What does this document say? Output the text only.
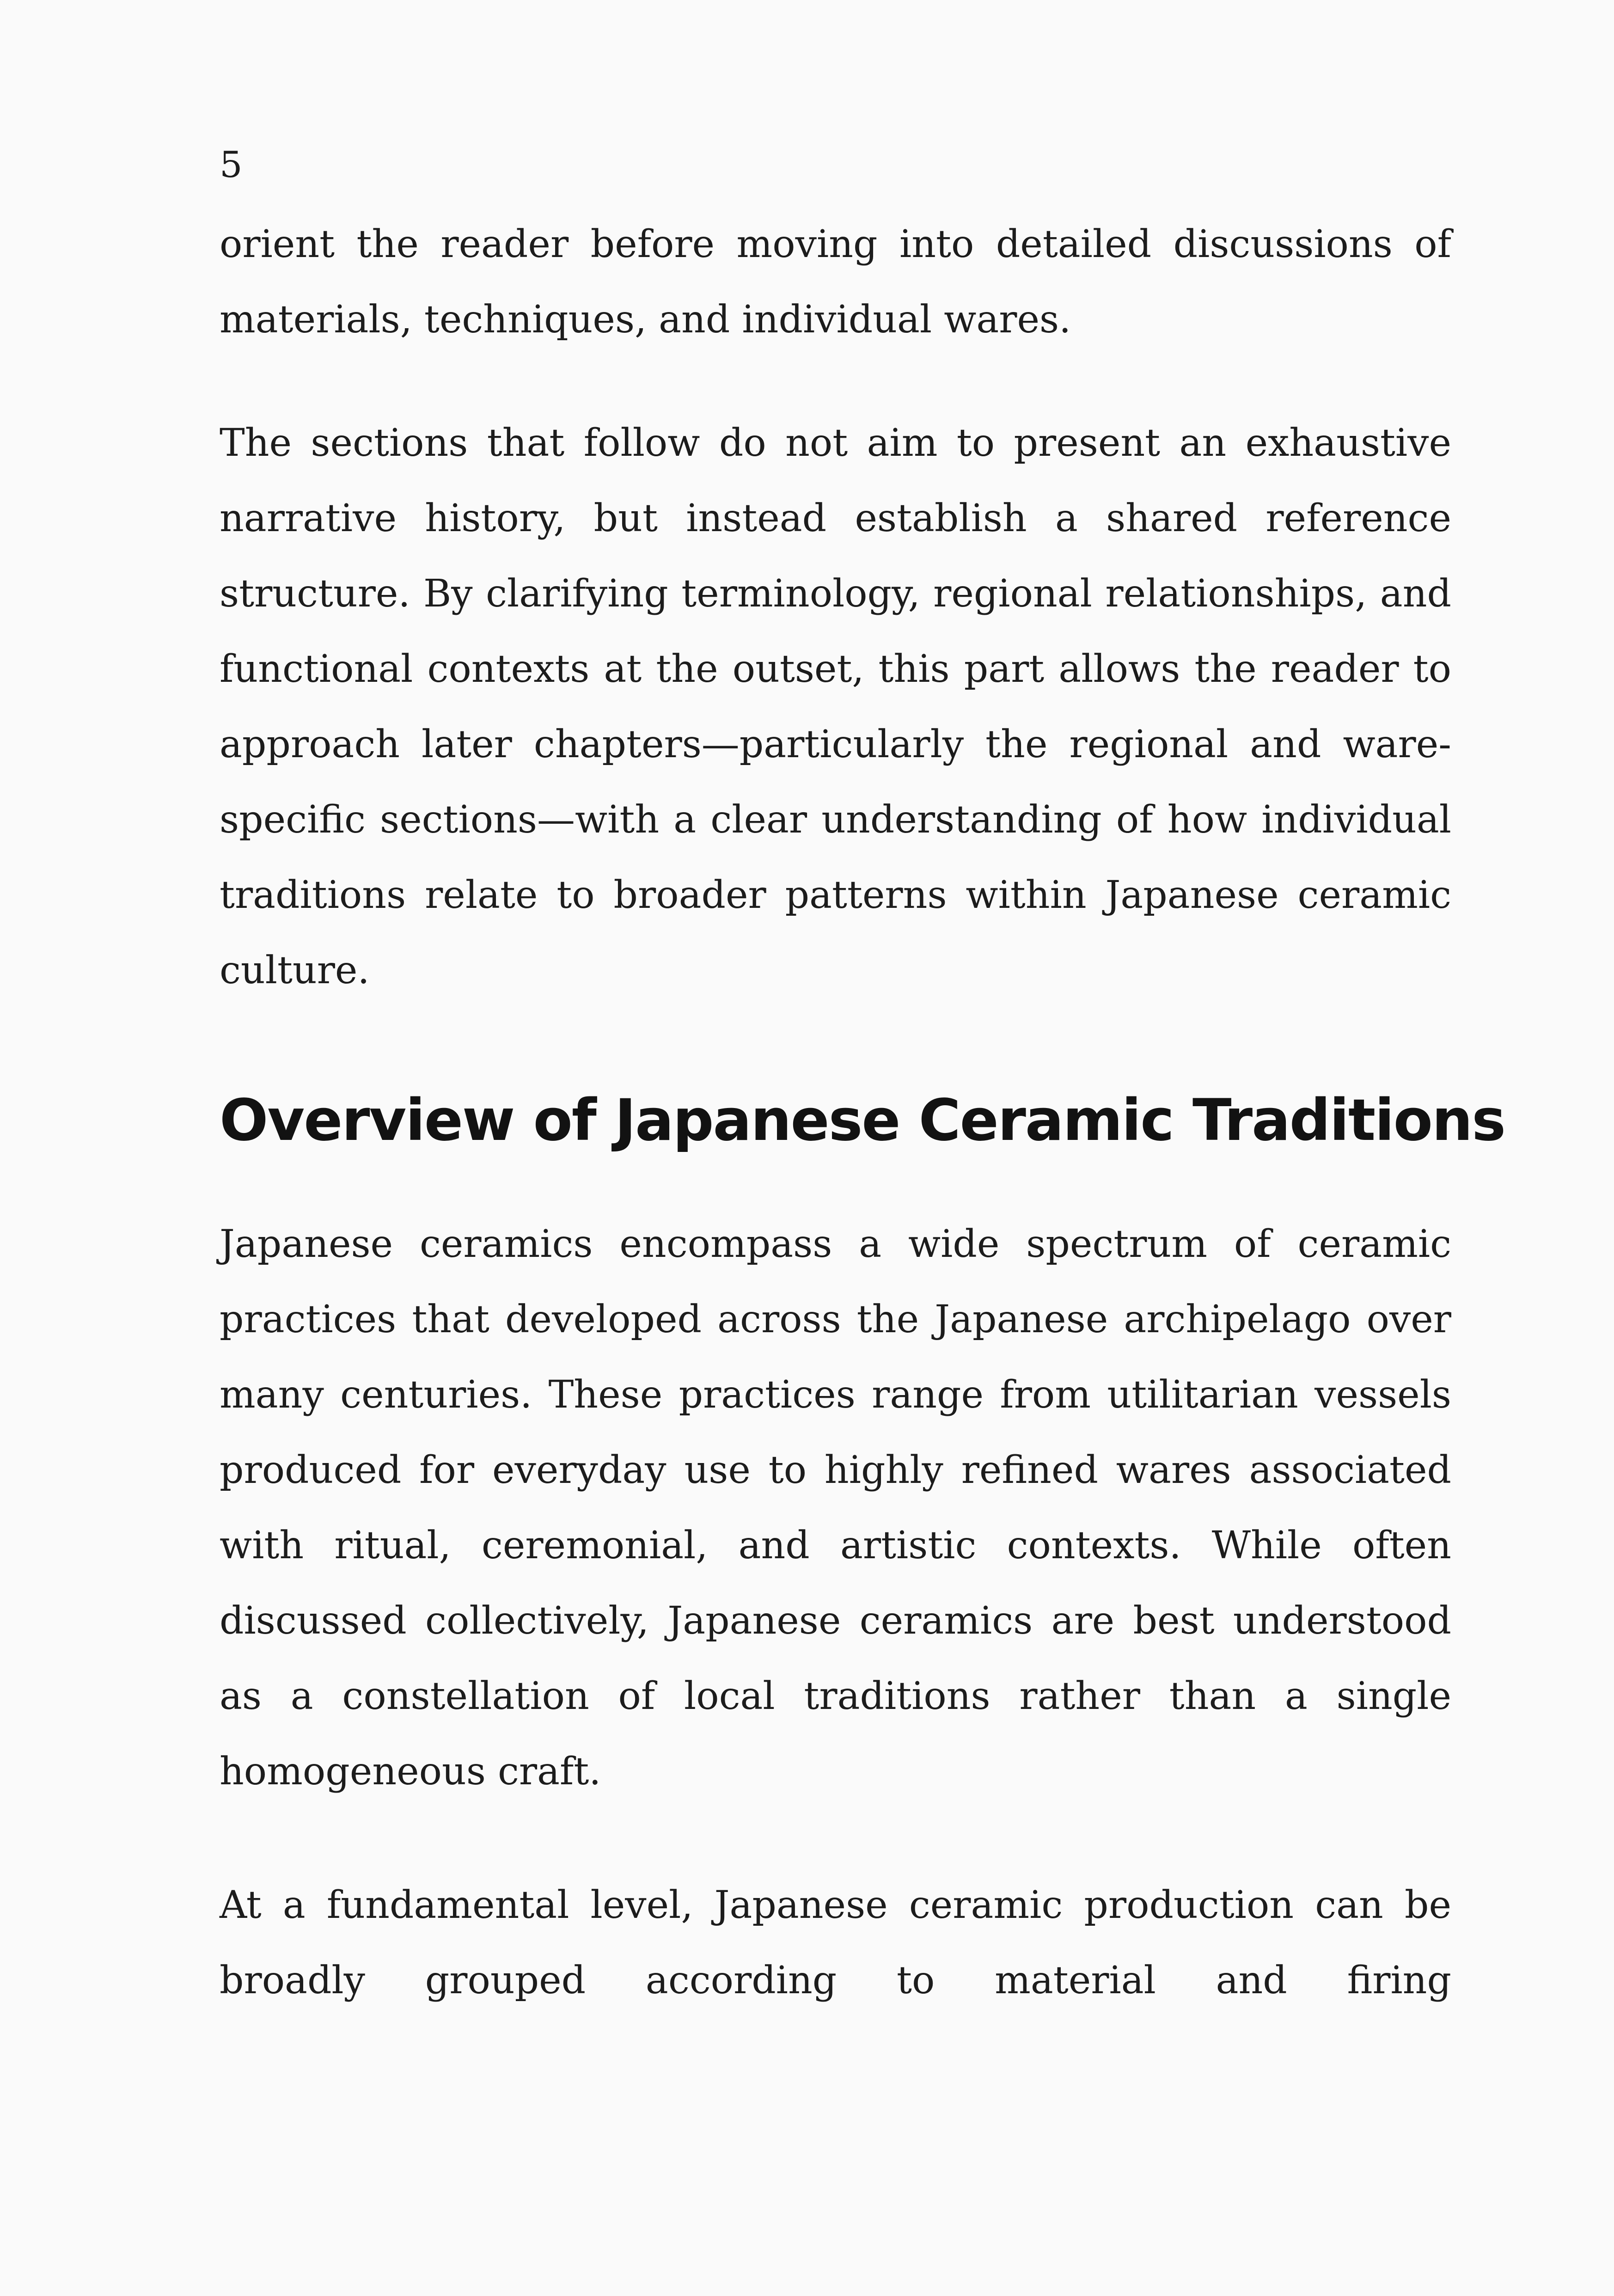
5

orient the reader before moving into detailed discussions of materials, techniques, and individual wares.

The sections that follow do not aim to present an exhaustive narrative history, but instead establish a shared reference structure. By clarifying terminology, regional relationships, and functional contexts at the outset, this part allows the reader to approach later chapters—particularly the regional and ware-specific sections—with a clear understanding of how individual traditions relate to broader patterns within Japanese ceramic culture.

Overview of Japanese Ceramic Traditions

Japanese ceramics encompass a wide spectrum of ceramic practices that developed across the Japanese archipelago over many centuries. These practices range from utilitarian vessels produced for everyday use to highly refined wares associated with ritual, ceremonial, and artistic contexts. While often discussed collectively, Japanese ceramics are best understood as a constellation of local traditions rather than a single homogeneous craft.

At a fundamental level, Japanese ceramic production can be broadly grouped according to material and firing
